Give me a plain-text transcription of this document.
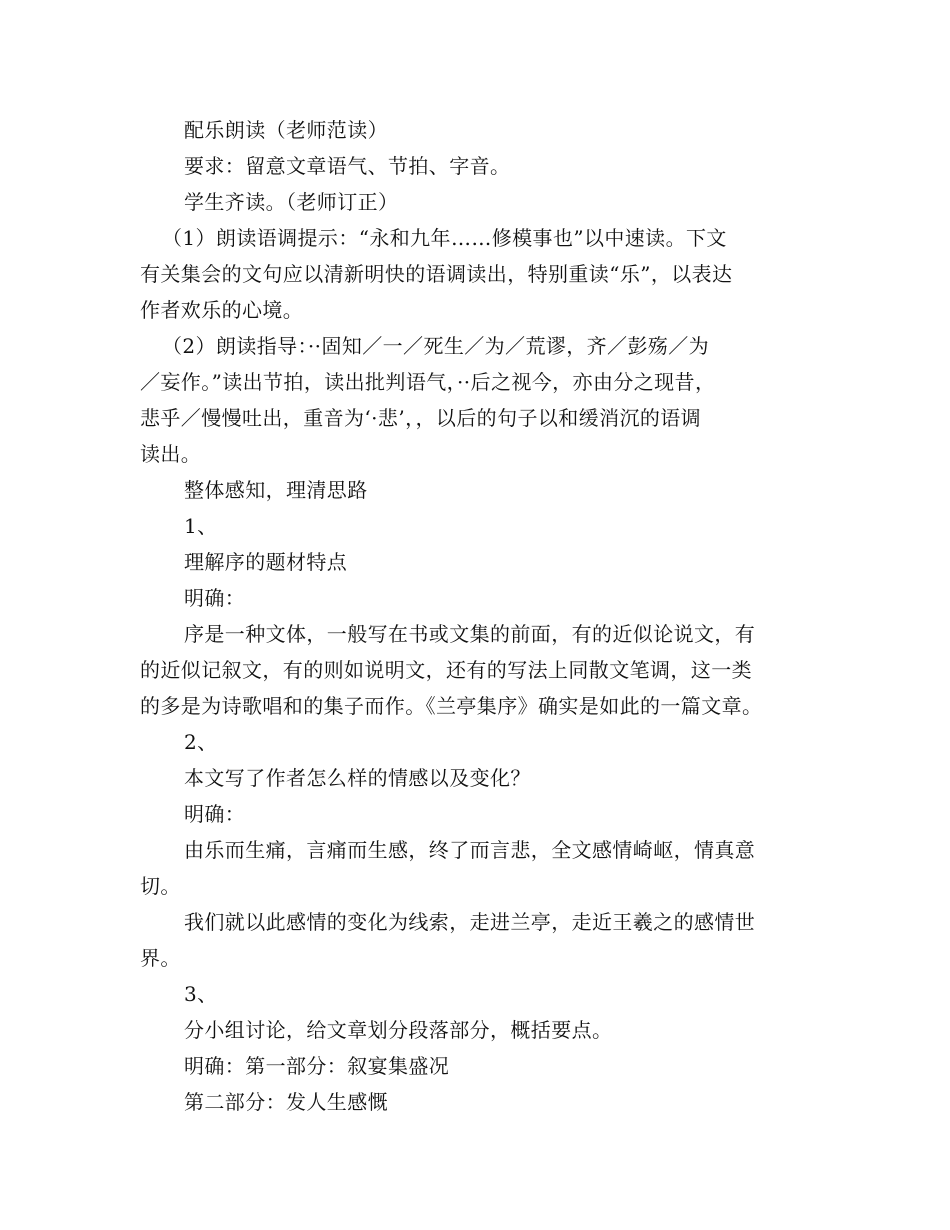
配乐朗读（老师范读）
要求：留意文章语气、节拍、字音。
学生齐读。（老师订正）
（1）朗读语调提示：“永和九年……修模事也”以中速读。下文
有关集会的文句应以清新明快的语调读出，特别重读“乐”，以表达
作者欢乐的心境。
（2）朗读指导：··固知／一／死生／为／荒谬，齐／彭殇／为
／妄作。”读出节拍，读出批判语气，··后之视今，亦由分之现昔，
悲乎／慢慢吐出，重音为‘·悲’，，以后的句子以和缓消沉的语调
读出。
整体感知，理清思路
1、
理解序的题材特点
明确：
序是一种文体，一般写在书或文集的前面，有的近似论说文，有
的近似记叙文，有的则如说明文，还有的写法上同散文笔调，这一类
的多是为诗歌唱和的集子而作。《兰亭集序》确实是如此的一篇文章。
2、
本文写了作者怎么样的情感以及变化？
明确：
由乐而生痛，言痛而生感，终了而言悲，全文感情崎岖，情真意
切。
我们就以此感情的变化为线索，走进兰亭，走近王羲之的感情世
界。
3、
分小组讨论，给文章划分段落部分，概括要点。
明确：第一部分：叙宴集盛况
第二部分：发人生感慨
